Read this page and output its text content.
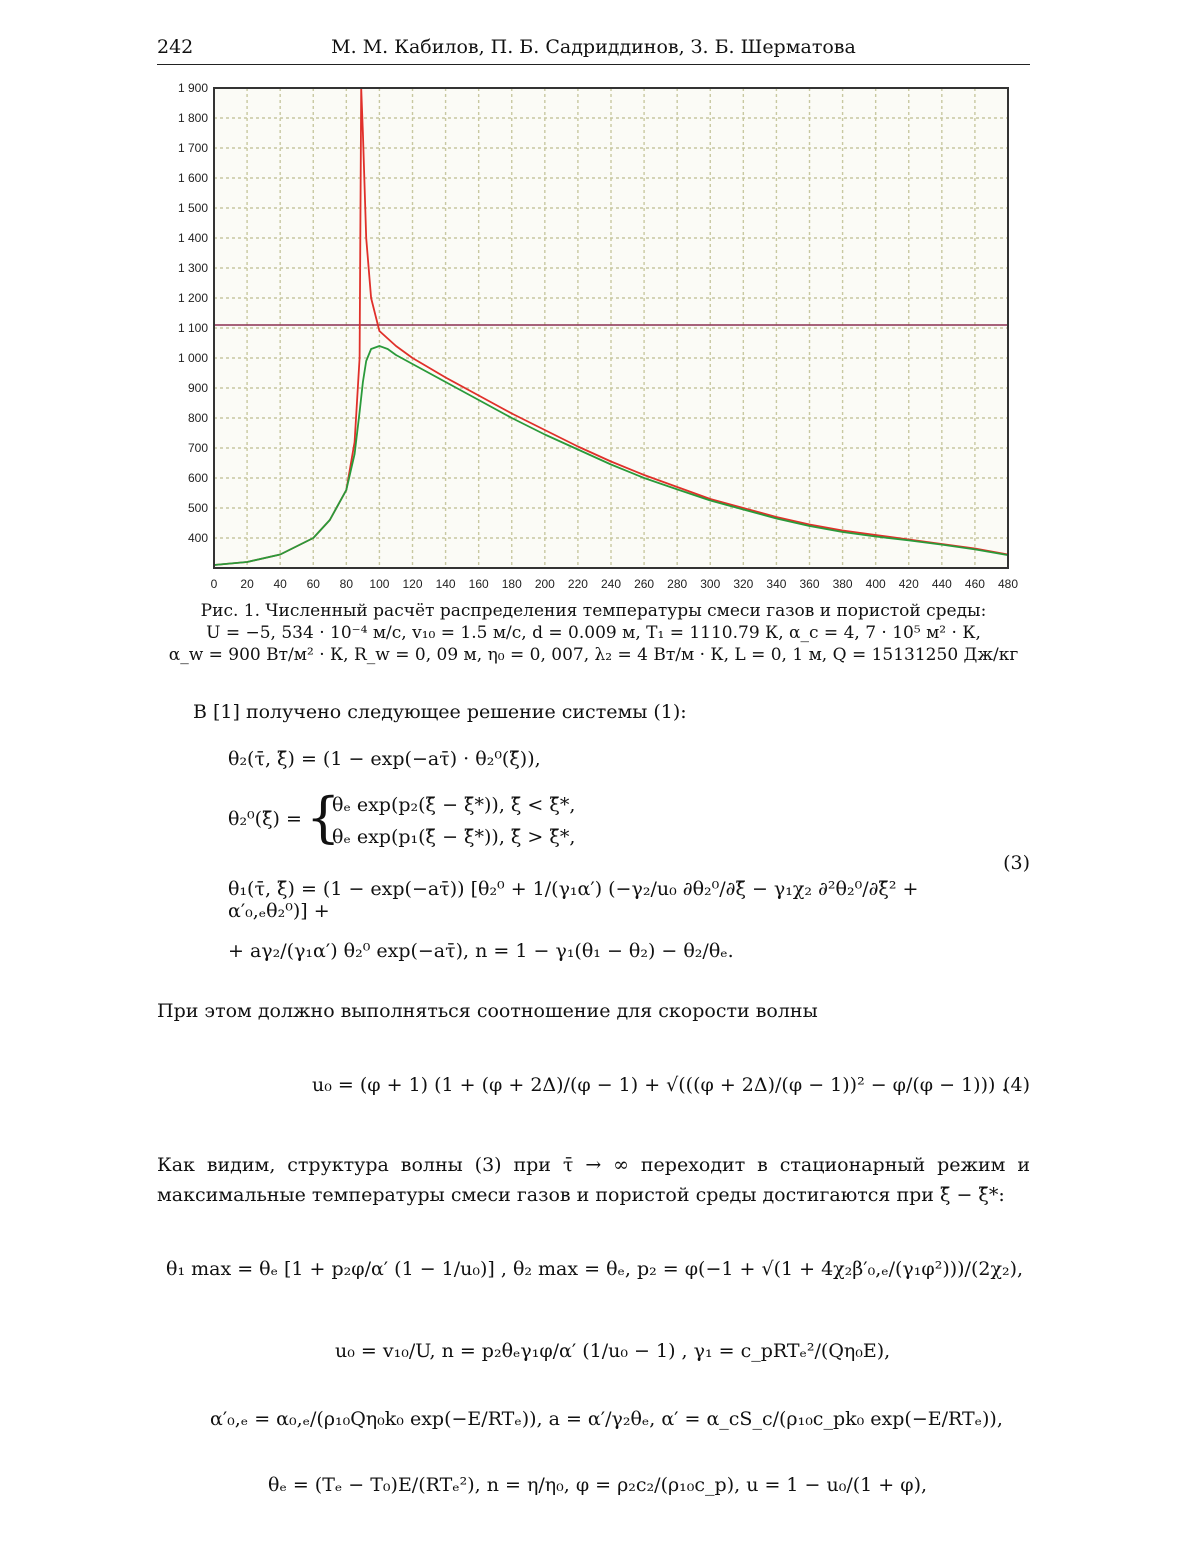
242	М. М. Кабилов, П. Б. Садриддинов, З. Б. Шерматова
0 20 40 60 80 100 120 140 160 180 200 220 240 260 280 300 320 340 360 380 400 420 440 460 480
1 900
1 800
1 700
1 600
1 500
1 400
1 300
1 200
1 100
1 000
900
800
700
600
500
400
Рис. 1. Численный расчёт распределения температуры смеси газов и пористой среды:
U = −5, 534 · 10⁻⁴ м/с, v₁₀ = 1.5 м/с, d = 0.009 м, T₁ = 1110.79 К, α_c = 4, 7 · 10⁵ м² · К,
α_w = 900 Вт/м² · К, R_w = 0, 09 м, η₀ = 0, 007, λ₂ = 4 Вт/м · К, L = 0, 1 м, Q = 15131250 Дж/кг
В [1] получено следующее решение системы (1):
θ₂(τ̄, ξ̄) = (1 − exp(−aτ̄) · θ₂⁰(ξ̄)),
θ₂⁰(ξ̄) = {
θₑ exp(p₂(ξ̄ − ξ̄*)), ξ̄ < ξ̄*,
θₑ exp(p₁(ξ̄ − ξ̄*)), ξ̄ > ξ̄*,
θ₁(τ̄, ξ̄) = (1 − exp(−aτ̄)) [θ₂⁰ + 1/(γ₁α′) (−γ₂/u₀ ∂θ₂⁰/∂ξ̄ − γ₁χ₂ ∂²θ₂⁰/∂ξ̄² + α′₀,ₑθ₂⁰)] +
(3)
+ aγ₂/(γ₁α′) θ₂⁰ exp(−aτ̄), n = 1 − γ₁(θ₁ − θ₂) − θ₂/θₑ.
При этом должно выполняться соотношение для скорости волны
u₀ = (φ + 1) (1 + (φ + 2Δ)/(φ − 1) + √(((φ + 2Δ)/(φ − 1))² − φ/(φ − 1))) .
(4)
Как видим, структура волны (3) при τ̄ → ∞ переходит в стационарный режим и максимальные температуры смеси газов и пористой среды достигаются при ξ̄ − ξ̄*:
θ₁ max = θₑ [1 + p₂φ/α′ (1 − 1/u₀)] , θ₂ max = θₑ, p₂ = φ(−1 + √(1 + 4χ₂β′₀,ₑ/(γ₁φ²)))/(2χ₂),
u₀ = v₁₀/U, n = p₂θₑγ₁φ/α′ (1/u₀ − 1) , γ₁ = c_pRTₑ²/(Qη₀E),
α′₀,ₑ = α₀,ₑ/(ρ₁₀Qη₀k₀ exp(−E/RTₑ)), a = α′/γ₂θₑ, α′ = α_cS_c/(ρ₁₀c_pk₀ exp(−E/RTₑ)),
θₑ = (Tₑ − T₀)E/(RTₑ²), n = η/η₀, φ = ρ₂c₂/(ρ₁₀c_p), u = 1 − u₀/(1 + φ),
